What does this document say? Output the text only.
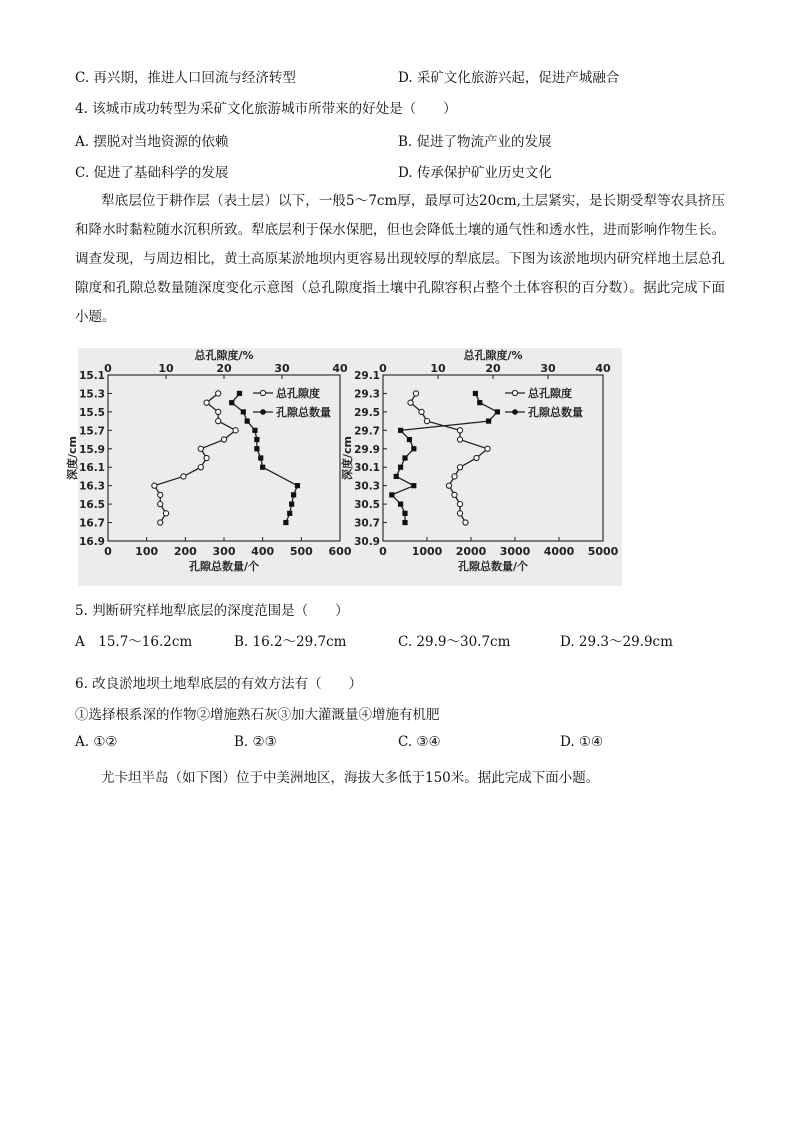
C. 再兴期，推进人口回流与经济转型	D. 采矿文化旅游兴起，促进产城融合
4. 该城市成功转型为采矿文化旅游城市所带来的好处是（　　）
A. 摆脱对当地资源的依赖	B. 促进了物流产业的发展
C. 促进了基础科学的发展	D. 传承保护矿业历史文化
犁底层位于耕作层（表土层）以下，一般5～7cm厚，最厚可达20cm,土层紧实，是长期受犁等农具挤压和降水时黏粒随水沉积所致。犁底层利于保水保肥，但也会降低土壤的通气性和透水性，进而影响作物生长。调查发现，与周边相比，黄土高原某淤地坝内更容易出现较厚的犁底层。下图为该淤地坝内研究样地土层总孔隙度和孔隙总数量随深度变化示意图（总孔隙度指土壤中孔隙容积占整个土体容积的百分数）。据此完成下面小题。
总孔隙度/%
0	10	20	30	40
0 100 200 300 400 500 600
孔隙总数量/个
15.1
15.3
15.5
15.7
15.9
16.1
16.3
16.5
16.7
16.9
深度/cm
总孔隙度
孔隙总数量
总孔隙度/%
0	10	20	30	40
0 1000 2000 3000 4000 5000
孔隙总数量/个
29.1
29.3
29.5
29.7
29.9
30.1
30.3
30.5
30.7
30.9
深度/cm
总孔隙度
孔隙总数量
5. 判断研究样地犁底层的深度范围是（　　）
A　15.7～16.2cm	B. 16.2～29.7cm	C. 29.9～30.7cm	D. 29.3～29.9cm
6. 改良淤地坝土地犁底层的有效方法有（　　）
①选择根系深的作物②增施熟石灰③加大灌溉量④增施有机肥
A. ①②	B. ②③	C. ③④	D. ①④
尤卡坦半岛（如下图）位于中美洲地区，海拔大多低于150米。据此完成下面小题。
